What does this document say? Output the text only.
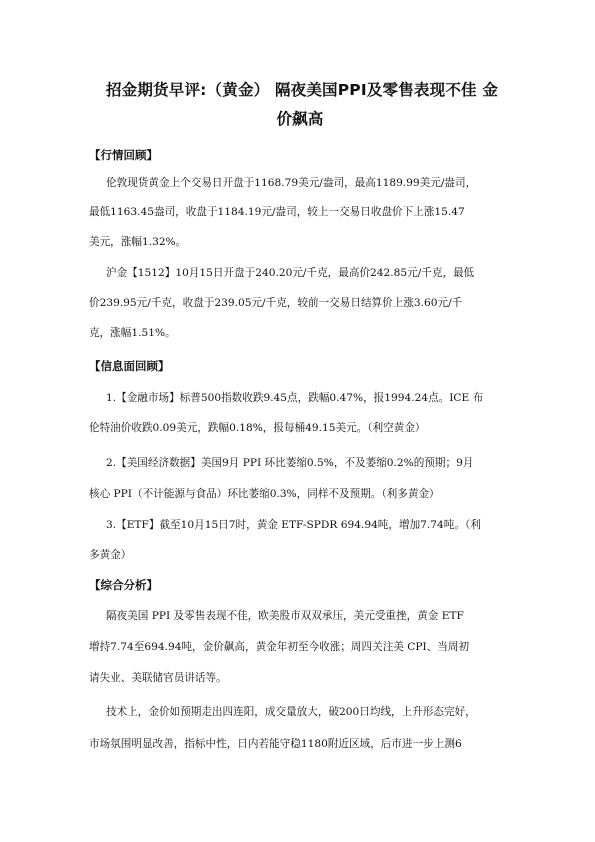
招金期货早评:（黄金） 隔夜美国PPI及零售表现不佳 金
价飙高
【行情回顾】
伦敦现货黄金上个交易日开盘于1168.79美元/盎司，最高1189.99美元/盎司，
最低1163.45盎司，收盘于1184.19元/盎司，较上一交易日收盘价下上涨15.47
美元，涨幅1.32%。
沪金【1512】10月15日开盘于240.20元/千克，最高价242.85元/千克，最低
价239.95元/千克，收盘于239.05元/千克，较前一交易日结算价上涨3.60元/千
克，涨幅1.51%。
【信息面回顾】
1.【金融市场】标普500指数收跌9.45点，跌幅0.47%，报1994.24点。ICE 布
伦特油价收跌0.09美元，跌幅0.18%，报每桶49.15美元。（利空黄金）
2.【美国经济数据】美国9月 PPI 环比萎缩0.5%，不及萎缩0.2%的预期；9月
核心 PPI（不计能源与食品）环比萎缩0.3%，同样不及预期。（利多黄金）
3.【ETF】截至10月15日7时，黄金 ETF-SPDR 694.94吨，增加7.74吨。（利
多黄金）
【综合分析】
隔夜美国 PPI 及零售表现不佳，欧美股市双双承压，美元受重挫，黄金 ETF
增持7.74至694.94吨，金价飙高，黄金年初至今收涨；周四关注美 CPI、当周初
请失业、美联储官员讲话等。
技术上，金价如预期走出四连阳，成交量放大，破200日均线，上升形态完好，
市场氛围明显改善，指标中性，日内若能守稳1180附近区域，后市进一步上测6
